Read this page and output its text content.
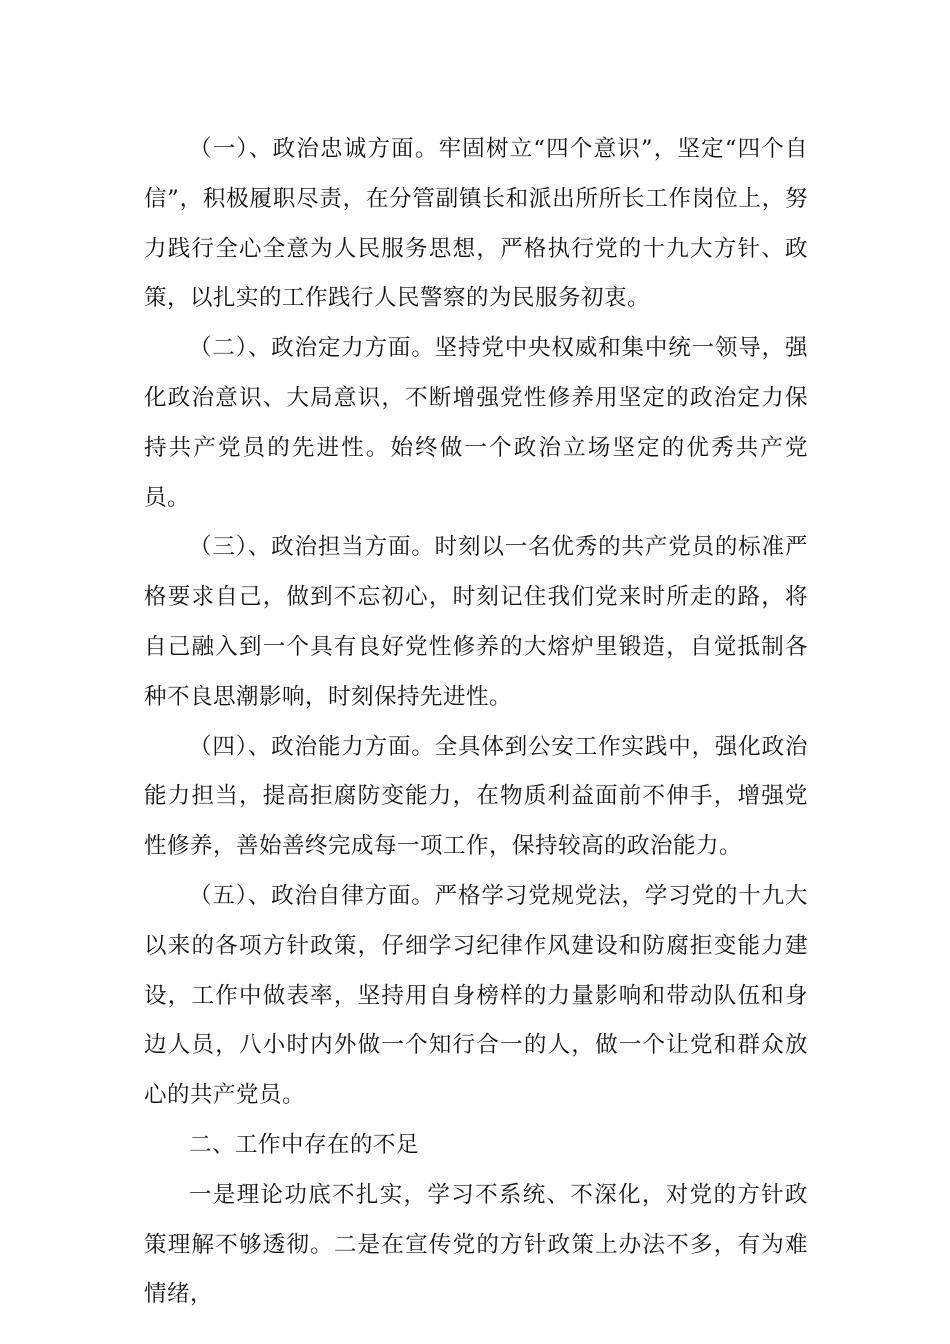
（一）、政治忠诚方面。牢固树立“四个意识”，坚定“四个自信”，积极履职尽责，在分管副镇长和派出所所长工作岗位上，努力践行全心全意为人民服务思想，严格执行党的十九大方针、政策，以扎实的工作践行人民警察的为民服务初衷。

（二）、政治定力方面。坚持党中央权威和集中统一领导，强化政治意识、大局意识，不断增强党性修养用坚定的政治定力保持共产党员的先进性。始终做一个政治立场坚定的优秀共产党员。

（三）、政治担当方面。时刻以一名优秀的共产党员的标准严格要求自己，做到不忘初心，时刻记住我们党来时所走的路，将自己融入到一个具有良好党性修养的大熔炉里锻造，自觉抵制各种不良思潮影响，时刻保持先进性。

（四）、政治能力方面。全具体到公安工作实践中，强化政治能力担当，提高拒腐防变能力，在物质利益面前不伸手，增强党性修养，善始善终完成每一项工作，保持较高的政治能力。

（五）、政治自律方面。严格学习党规党法，学习党的十九大以来的各项方针政策，仔细学习纪律作风建设和防腐拒变能力建设，工作中做表率，坚持用自身榜样的力量影响和带动队伍和身边人员，八小时内外做一个知行合一的人，做一个让党和群众放心的共产党员。

二、工作中存在的不足

一是理论功底不扎实，学习不系统、不深化，对党的方针政策理解不够透彻。二是在宣传党的方针政策上办法不多，有为难情绪，
